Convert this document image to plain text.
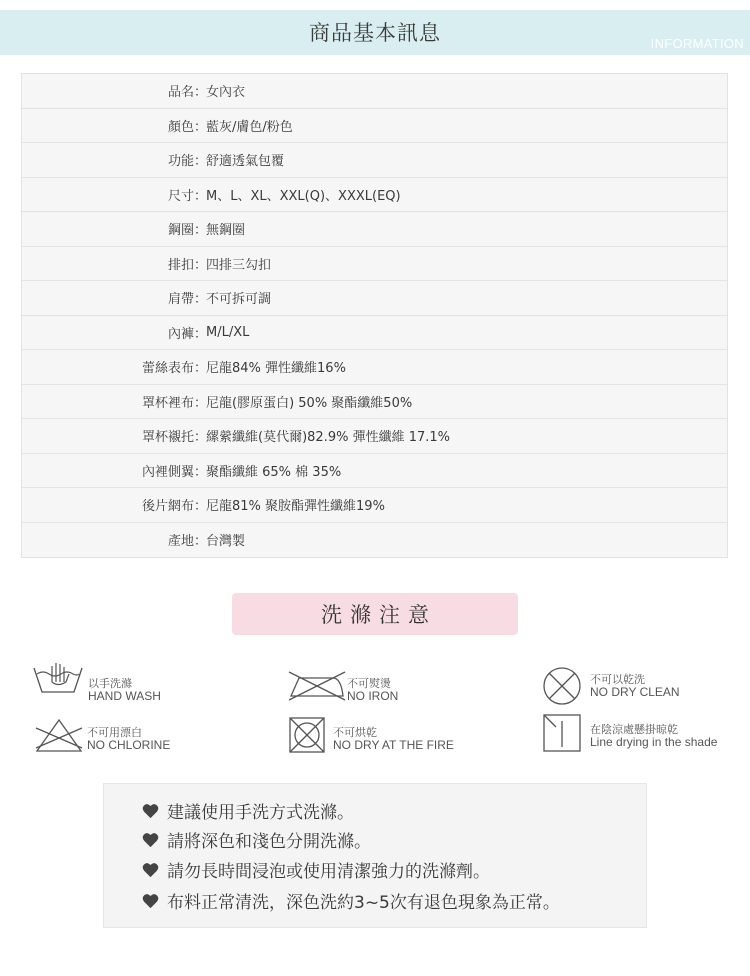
商品基本訊息	INFORMATION
品名 ：
女內衣
顏色 ：
藍灰/膚色/粉色
功能 ：
舒適透氣包覆
尺寸 ：
M、L、XL、XXL(Q)、XXXL(EQ)
鋼圈 ：
無鋼圈
排扣 ：
四排三勾扣
肩帶 ：
不可拆可調
內褲 ：
M/L/XL
蕾絲表布 ：
尼龍84% 彈性纖維16%
罩杯裡布 ：
尼龍(膠原蛋白) 50% 聚酯纖維50%
罩杯襯托 ：
縲縈纖維(莫代爾)82.9% 彈性纖維 17.1%
內裡側翼 ：
聚酯纖維 65% 棉 35%
後片網布 ：
尼龍81% 聚胺酯彈性纖維19%
產地 ：
台灣製
洗滌注意
以手洗滌
HAND WASH
不可熨燙
NO IRON
不可以乾洗
NO DRY CLEAN
不可用漂白
NO CHLORINE
不可烘乾
NO DRY AT THE FIRE
在陰涼處懸掛晾乾
Line drying in the shade
建議使用手洗方式洗滌。
請將深色和淺色分開洗滌。
請勿長時間浸泡或使用清潔強力的洗滌劑。
布料正常清洗，深色洗約3~5次有退色現象為正常。
